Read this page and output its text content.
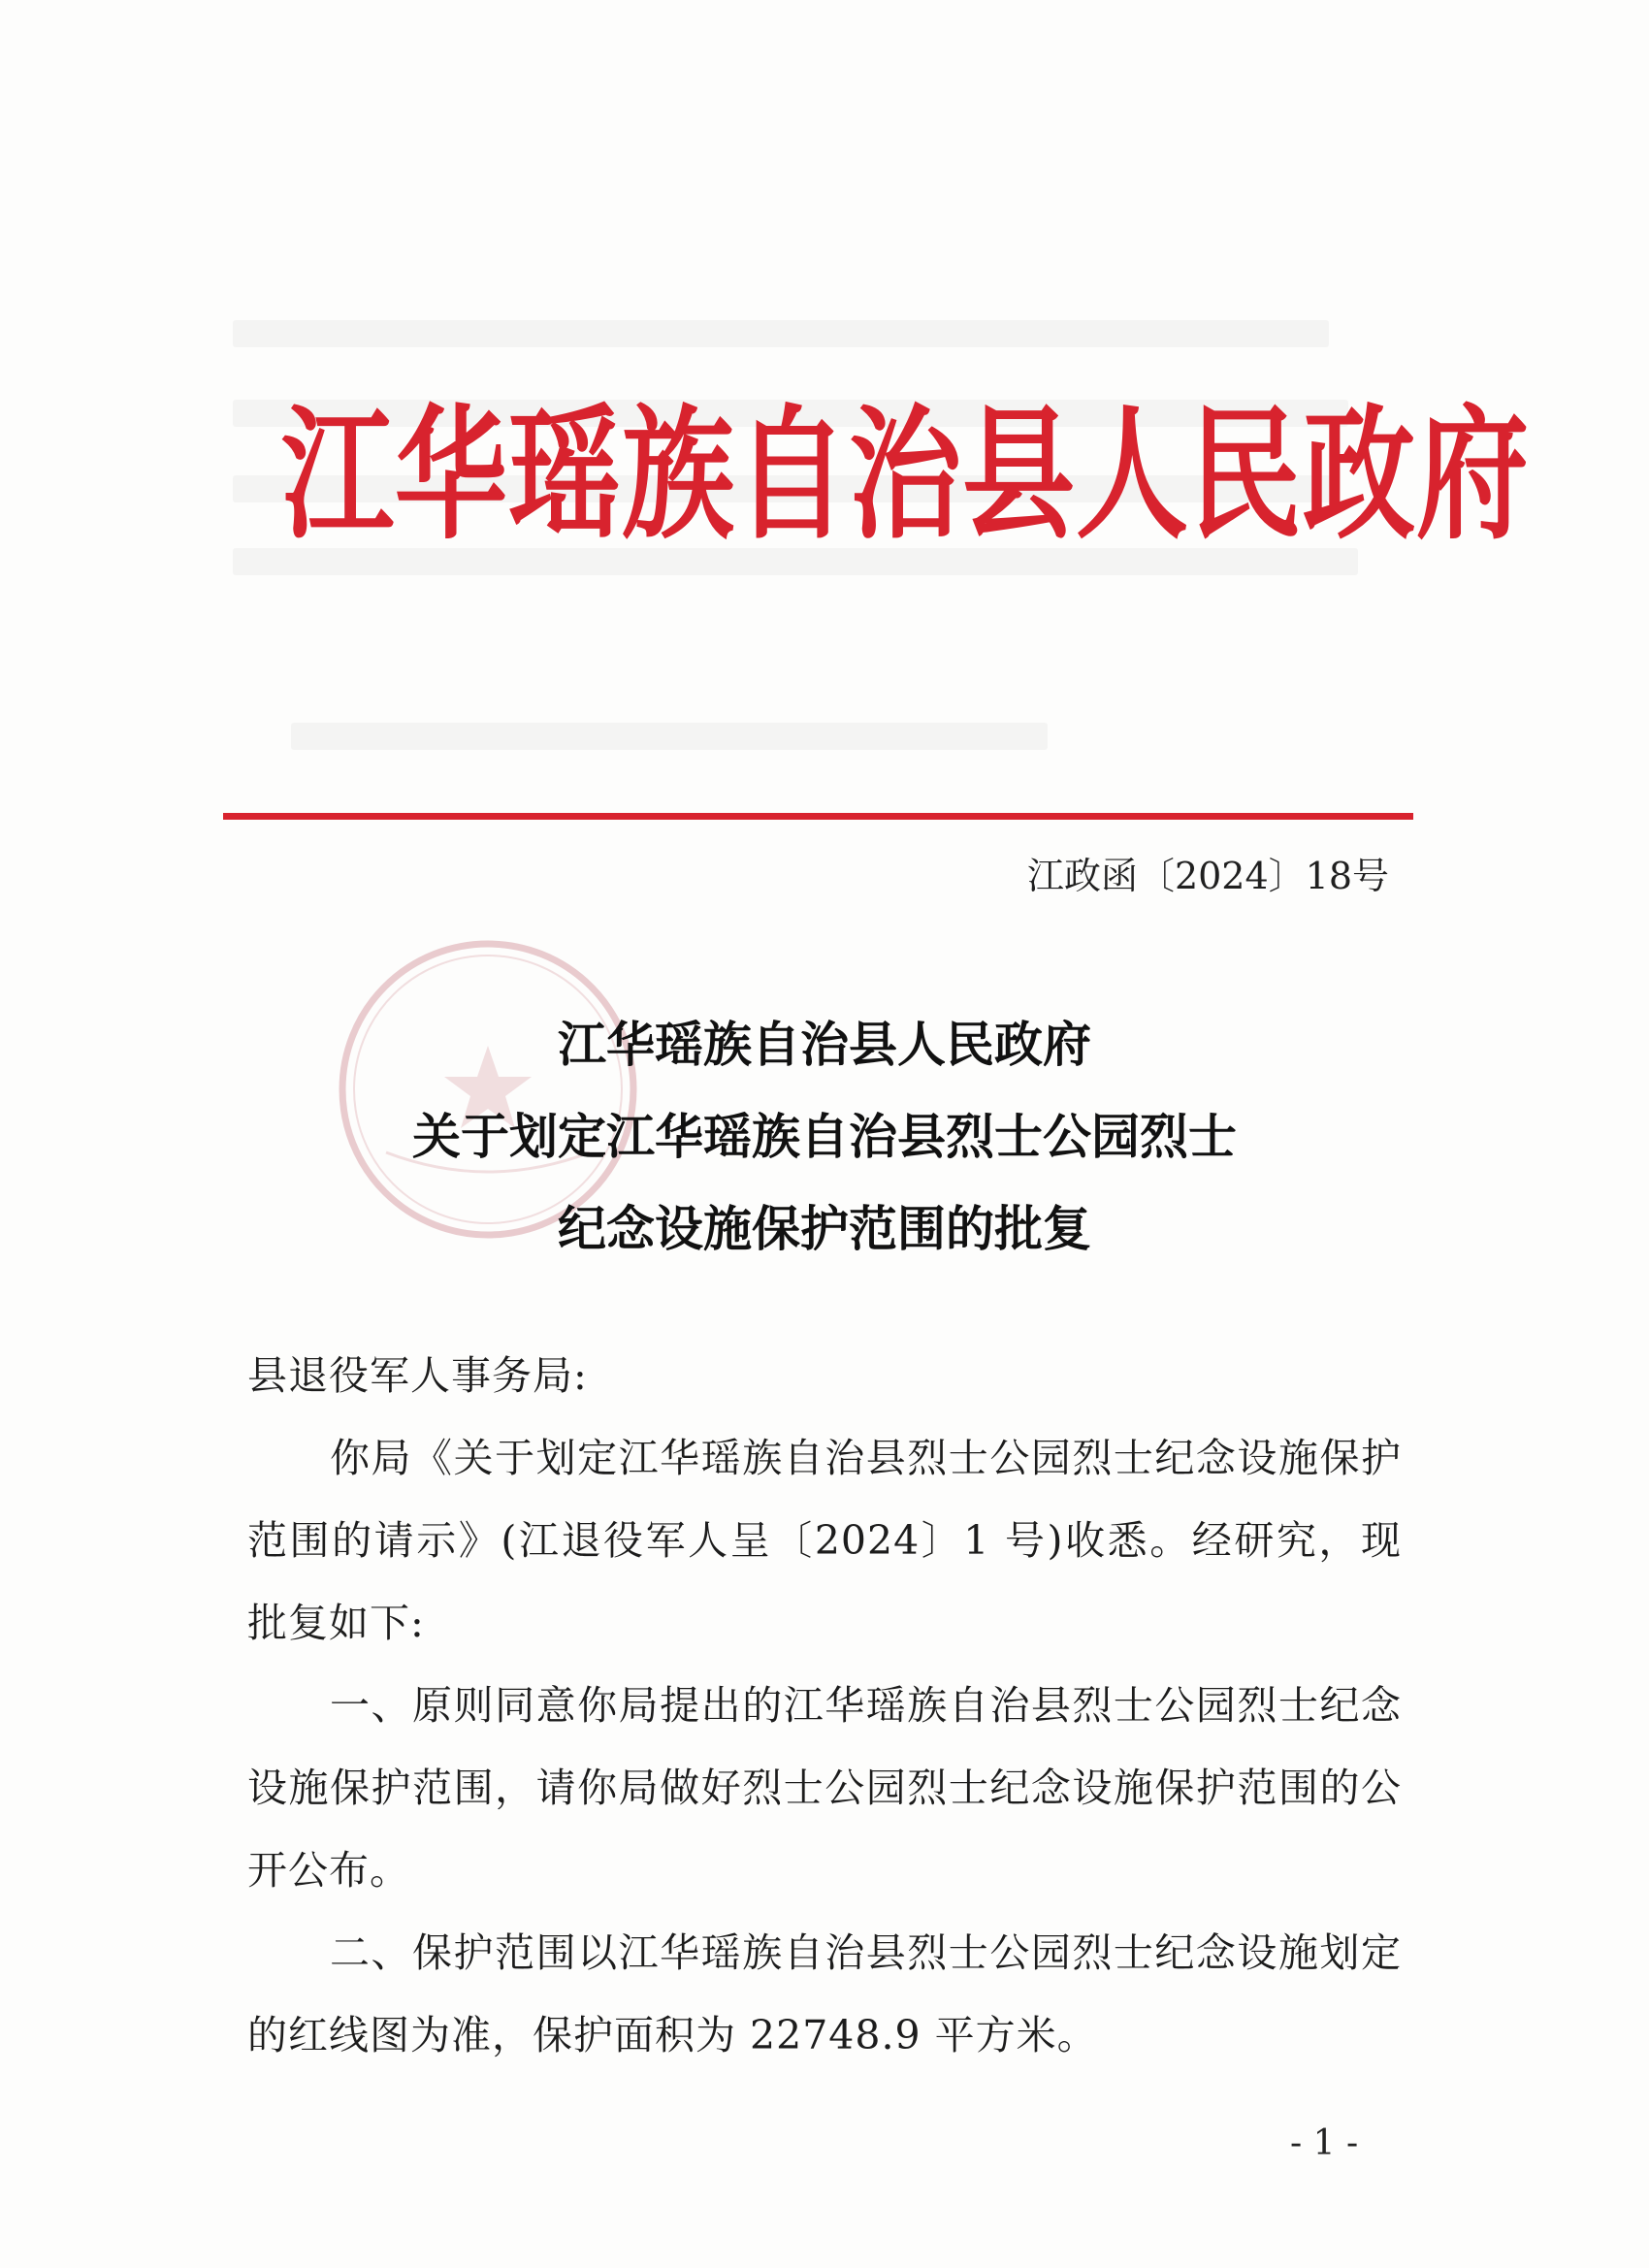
江华瑶族自治县人民政府
江政函〔2024〕18号
江华瑶族自治县人民政府
关于划定江华瑶族自治县烈士公园烈士
纪念设施保护范围的批复
县退役军人事务局:
你局《关于划定江华瑶族自治县烈士公园烈士纪念设施保护范围的请示》(江退役军人呈〔2024〕1 号)收悉。经研究，现批复如下:
一、原则同意你局提出的江华瑶族自治县烈士公园烈士纪念设施保护范围，请你局做好烈士公园烈士纪念设施保护范围的公开公布。
二、保护范围以江华瑶族自治县烈士公园烈士纪念设施划定的红线图为准，保护面积为 22748.9 平方米。
- 1 -
